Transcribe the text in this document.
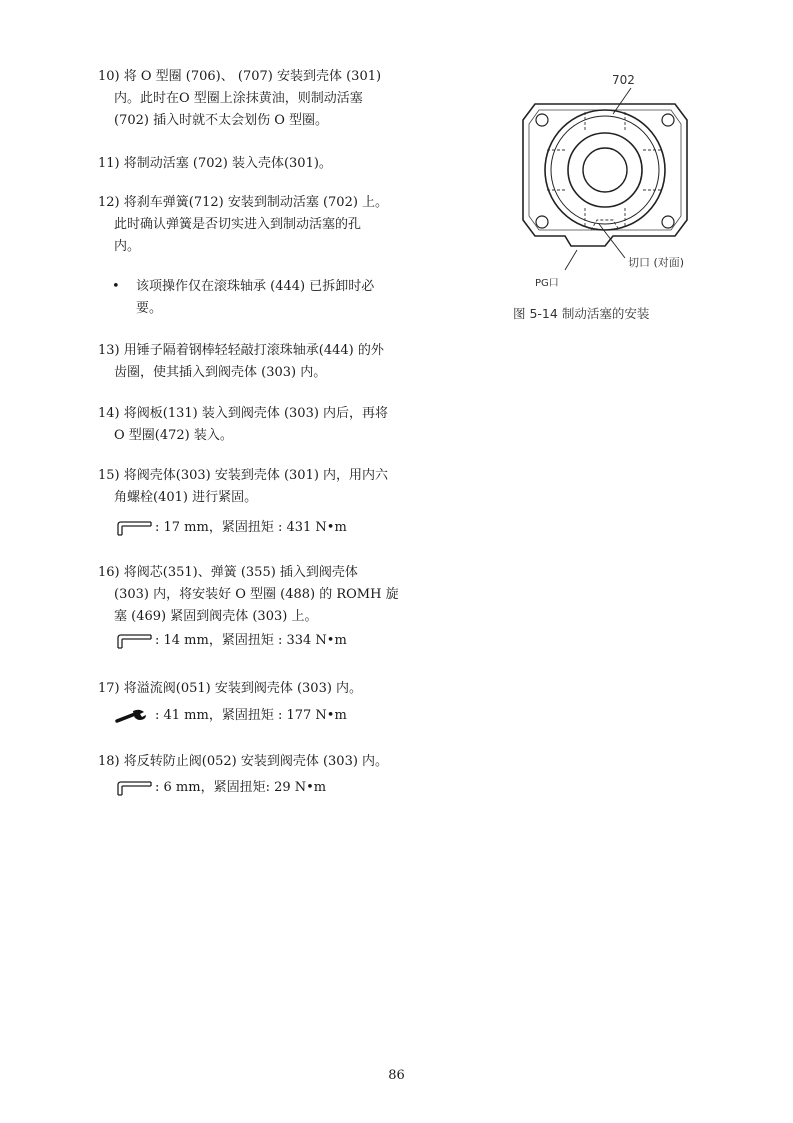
10) 将 O 型圈 (706)、 (707) 安装到壳体 (301)
内。此时在O 型圈上涂抹黄油，则制动活塞
(702) 插入时就不太会划伤 O 型圈。
11) 将制动活塞 (702) 装入壳体(301)。
12) 将刹车弹簧(712) 安装到制动活塞 (702) 上。
此时确认弹簧是否切实进入到制动活塞的孔
内。
•	该项操作仅在滚珠轴承 (444) 已拆卸时必
要。
13) 用锤子隔着钢棒轻轻敲打滚珠轴承(444) 的外
齿圈，使其插入到阀壳体 (303) 内。
14) 将阀板(131) 装入到阀壳体 (303) 内后，再将
O 型圈(472) 装入。
15) 将阀壳体(303) 安装到壳体 (301) 内，用内六
角螺栓(401) 进行紧固。
: 17 mm，紧固扭矩 : 431 N•m
16) 将阀芯(351)、弹簧 (355) 插入到阀壳体
(303) 内，将安装好 O 型圈 (488) 的 ROMH 旋
塞 (469) 紧固到阀壳体 (303) 上。
: 14 mm，紧固扭矩 : 334 N•m
17) 将溢流阀(051) 安装到阀壳体 (303) 内。
: 41 mm，紧固扭矩 : 177 N•m
18) 将反转防止阀(052) 安装到阀壳体 (303) 内。
: 6 mm，紧固扭矩: 29 N•m
702
切口 (对面)
PG口
图 5-14 制动活塞的安装
86
